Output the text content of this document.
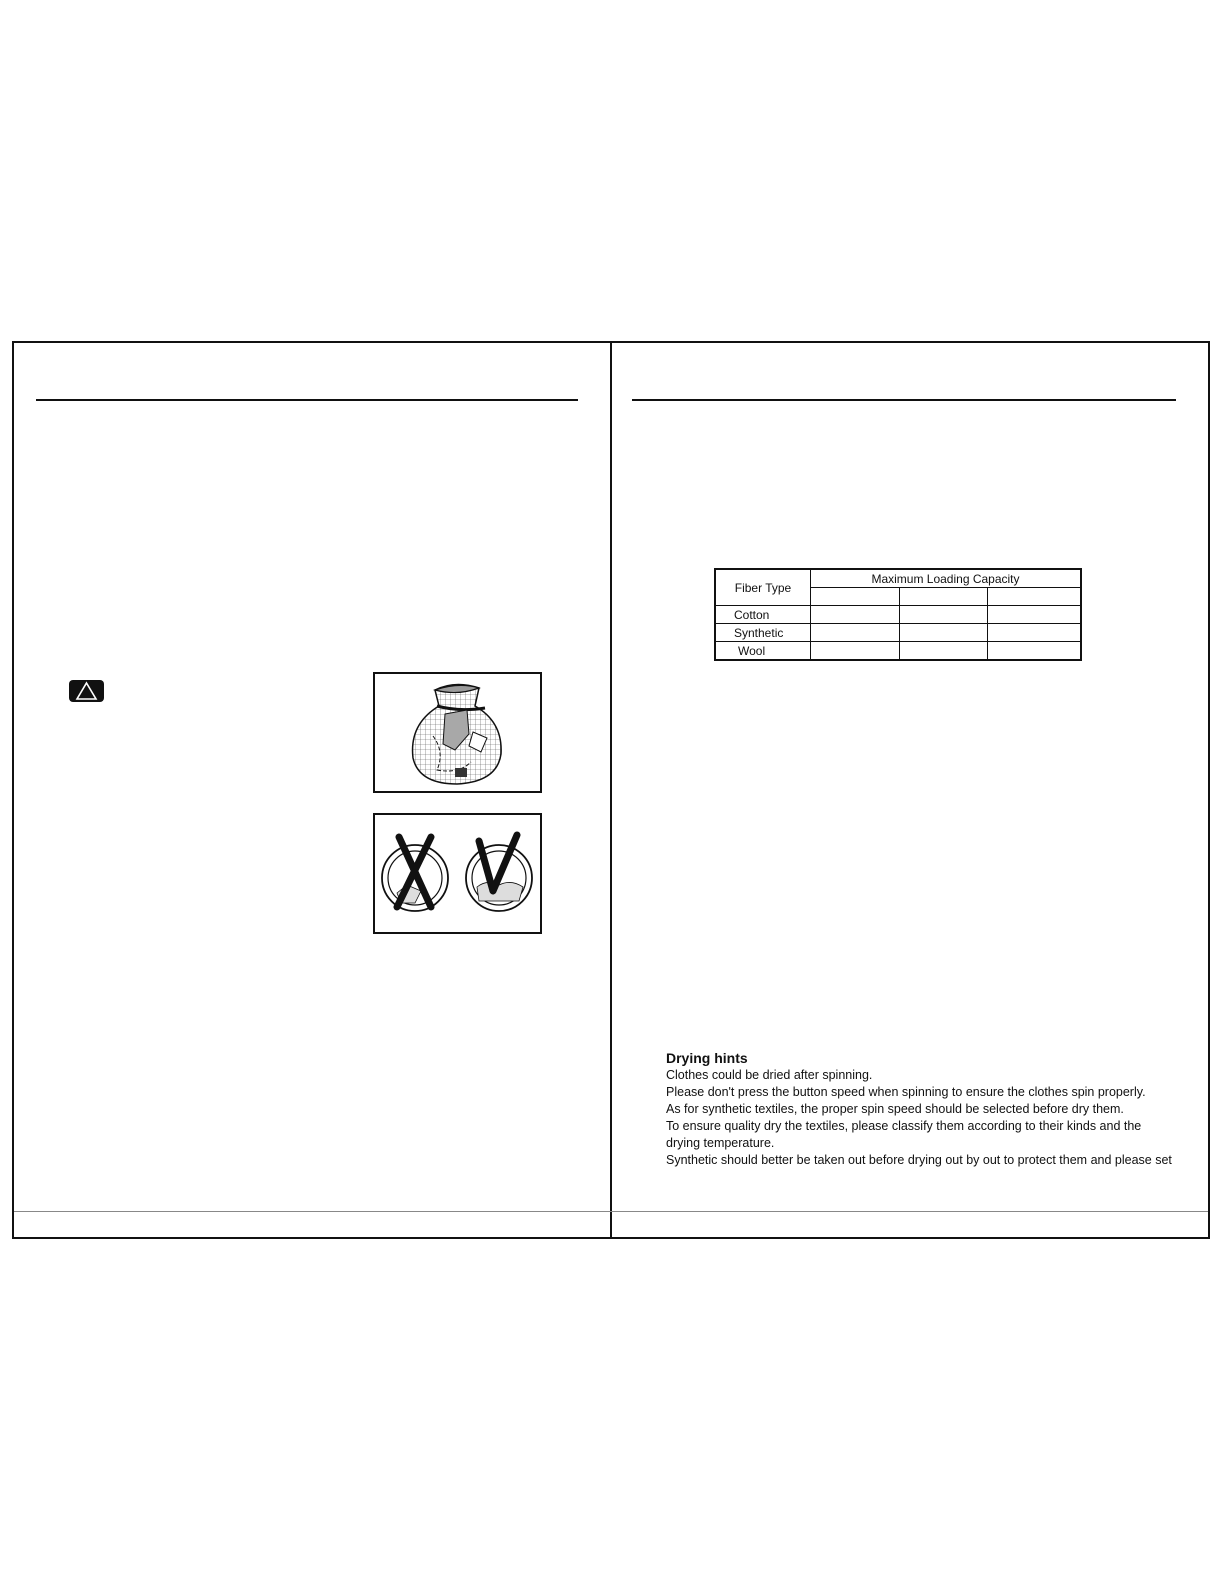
Fiber Type	Maximum Loading Capacity		

Cotton			
Synthetic			
Wool			
Drying hints

Clothes could be dried after spinning.

Please don't press the button speed when spinning to ensure the clothes spin properly.

As for synthetic textiles, the proper spin speed should be selected before dry them.

To ensure quality dry the textiles, please classify them according to their kinds and the

drying temperature.

Synthetic should better be taken out before drying out by out to protect them and please set
